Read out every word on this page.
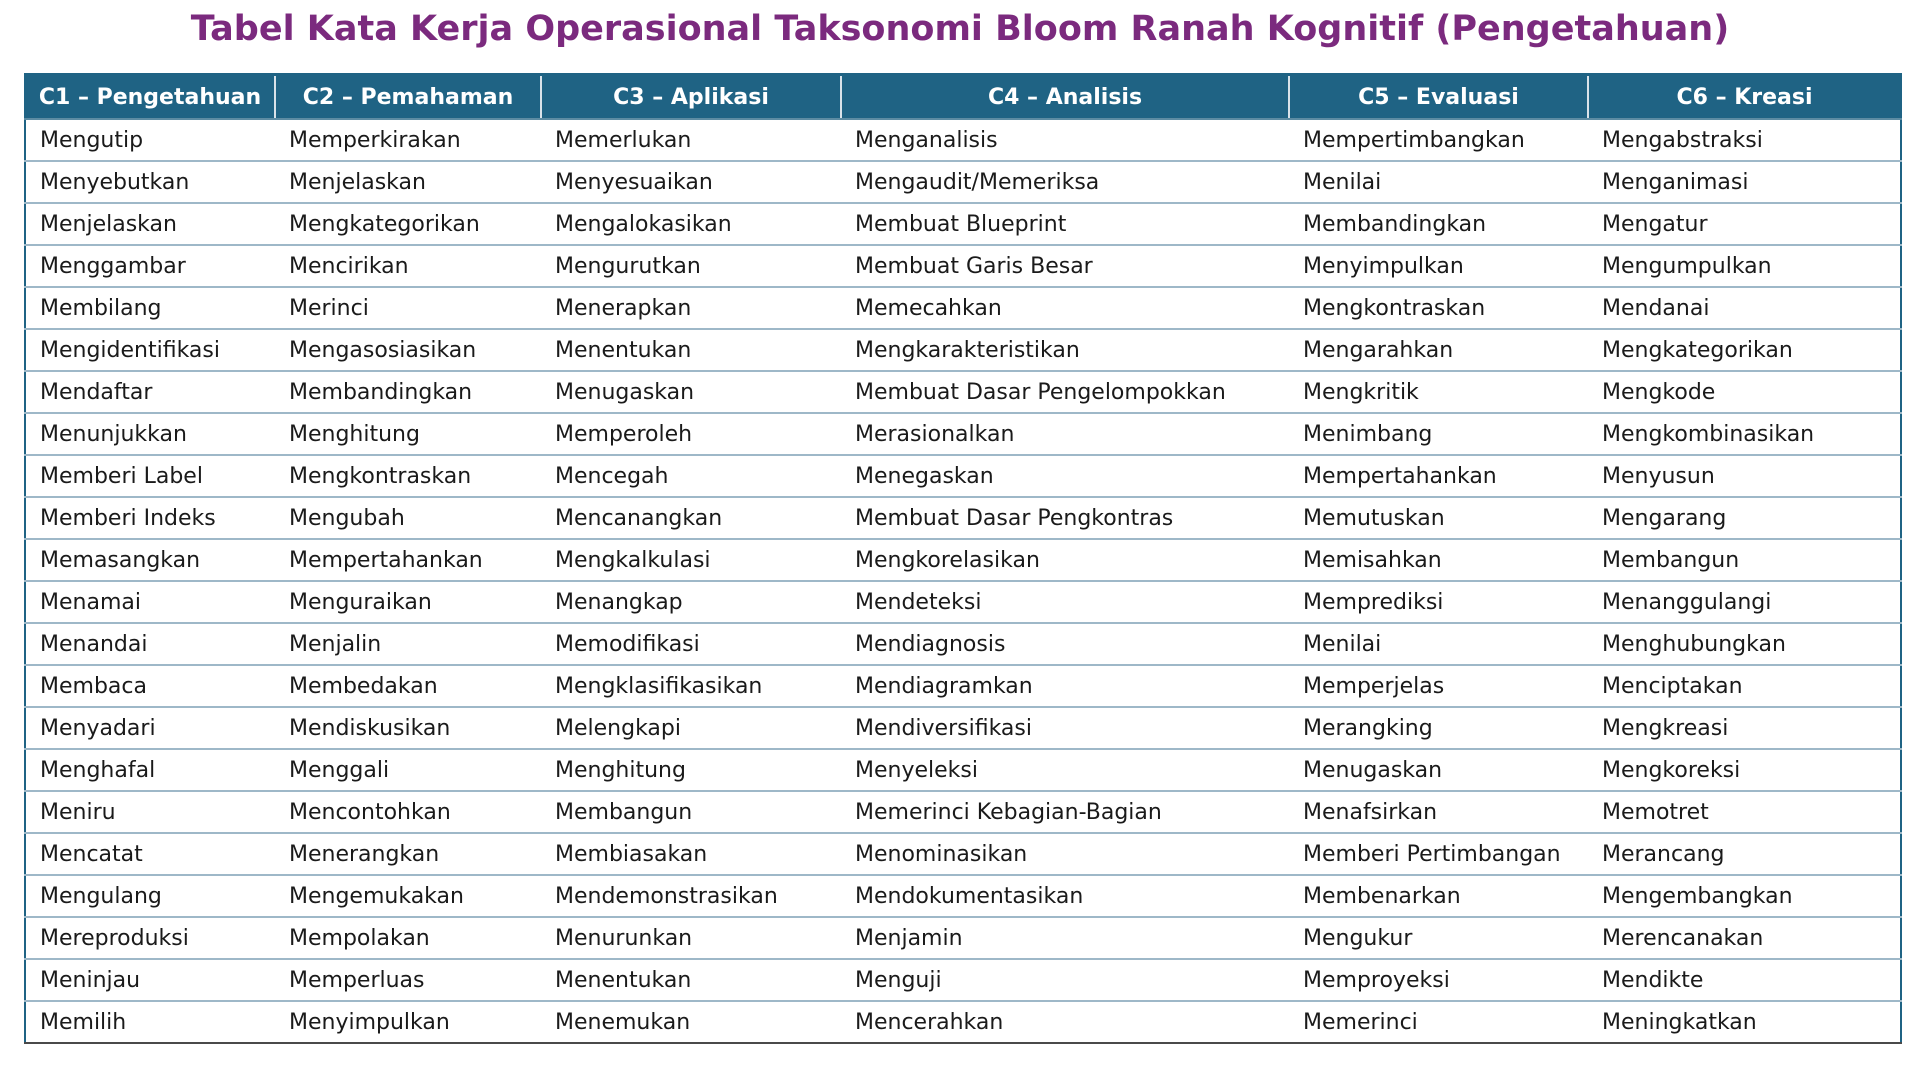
Tabel Kata Kerja Operasional Taksonomi Bloom Ranah Kognitif (Pengetahuan)
C1 – Pengetahuan	C2 – Pemahaman	C3 – Aplikasi	C4 – Analisis	C5 – Evaluasi	C6 – Kreasi
Mengutip	Memperkirakan	Memerlukan	Menganalisis	Mempertimbangkan	Mengabstraksi
Menyebutkan	Menjelaskan	Menyesuaikan	Mengaudit/Memeriksa	Menilai	Menganimasi
Menjelaskan	Mengkategorikan	Mengalokasikan	Membuat Blueprint	Membandingkan	Mengatur
Menggambar	Mencirikan	Mengurutkan	Membuat Garis Besar	Menyimpulkan	Mengumpulkan
Membilang	Merinci	Menerapkan	Memecahkan	Mengkontraskan	Mendanai
Mengidentifikasi	Mengasosiasikan	Menentukan	Mengkarakteristikan	Mengarahkan	Mengkategorikan
Mendaftar	Membandingkan	Menugaskan	Membuat Dasar Pengelompokkan	Mengkritik	Mengkode
Menunjukkan	Menghitung	Memperoleh	Merasionalkan	Menimbang	Mengkombinasikan
Memberi Label	Mengkontraskan	Mencegah	Menegaskan	Mempertahankan	Menyusun
Memberi Indeks	Mengubah	Mencanangkan	Membuat Dasar Pengkontras	Memutuskan	Mengarang
Memasangkan	Mempertahankan	Mengkalkulasi	Mengkorelasikan	Memisahkan	Membangun
Menamai	Menguraikan	Menangkap	Mendeteksi	Memprediksi	Menanggulangi
Menandai	Menjalin	Memodifikasi	Mendiagnosis	Menilai	Menghubungkan
Membaca	Membedakan	Mengklasifikasikan	Mendiagramkan	Memperjelas	Menciptakan
Menyadari	Mendiskusikan	Melengkapi	Mendiversifikasi	Merangking	Mengkreasi
Menghafal	Menggali	Menghitung	Menyeleksi	Menugaskan	Mengkoreksi
Meniru	Mencontohkan	Membangun	Memerinci Kebagian-Bagian	Menafsirkan	Memotret
Mencatat	Menerangkan	Membiasakan	Menominasikan	Memberi Pertimbangan	Merancang
Mengulang	Mengemukakan	Mendemonstrasikan	Mendokumentasikan	Membenarkan	Mengembangkan
Mereproduksi	Mempolakan	Menurunkan	Menjamin	Mengukur	Merencanakan
Meninjau	Memperluas	Menentukan	Menguji	Memproyeksi	Mendikte
Memilih	Menyimpulkan	Menemukan	Mencerahkan	Memerinci	Meningkatkan
